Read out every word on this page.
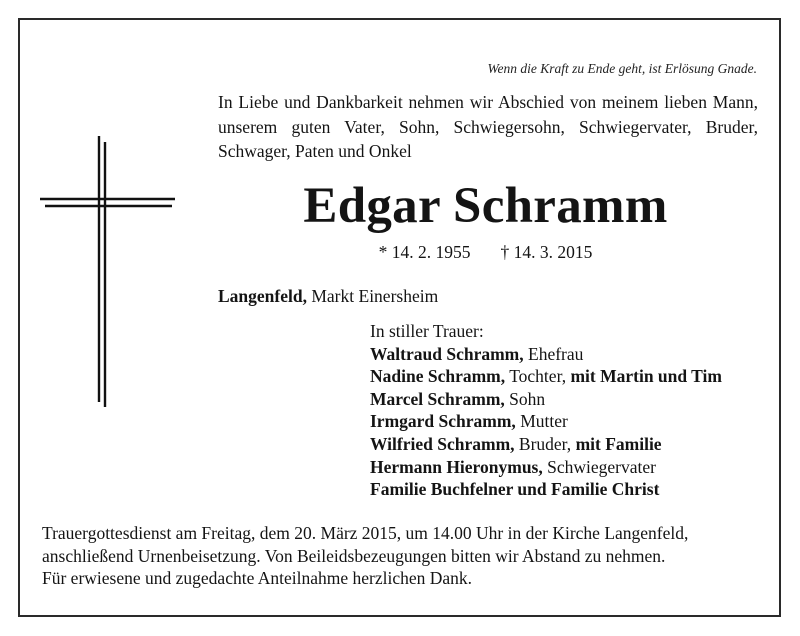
Wenn die Kraft zu Ende geht, ist Erlösung Gnade.
In Liebe und Dankbarkeit nehmen wir Abschied von meinem lieben Mann, unserem guten Vater, Sohn, Schwiegersohn, Schwiegervater, Bruder, Schwager, Paten und Onkel
Edgar Schramm
* 14. 2. 1955 † 14. 3. 2015
Langenfeld, Markt Einersheim
In stiller Trauer:
Waltraud Schramm, Ehefrau
Nadine Schramm, Tochter, mit Martin und Tim
Marcel Schramm, Sohn
Irmgard Schramm, Mutter
Wilfried Schramm, Bruder, mit Familie
Hermann Hieronymus, Schwiegervater
Familie Buchfelner und Familie Christ
Trauergottesdienst am Freitag, dem 20. März 2015, um 14.00 Uhr in der Kirche Langenfeld,
anschließend Urnenbeisetzung. Von Beileidsbezeugungen bitten wir Abstand zu nehmen.
Für erwiesene und zugedachte Anteilnahme herzlichen Dank.
